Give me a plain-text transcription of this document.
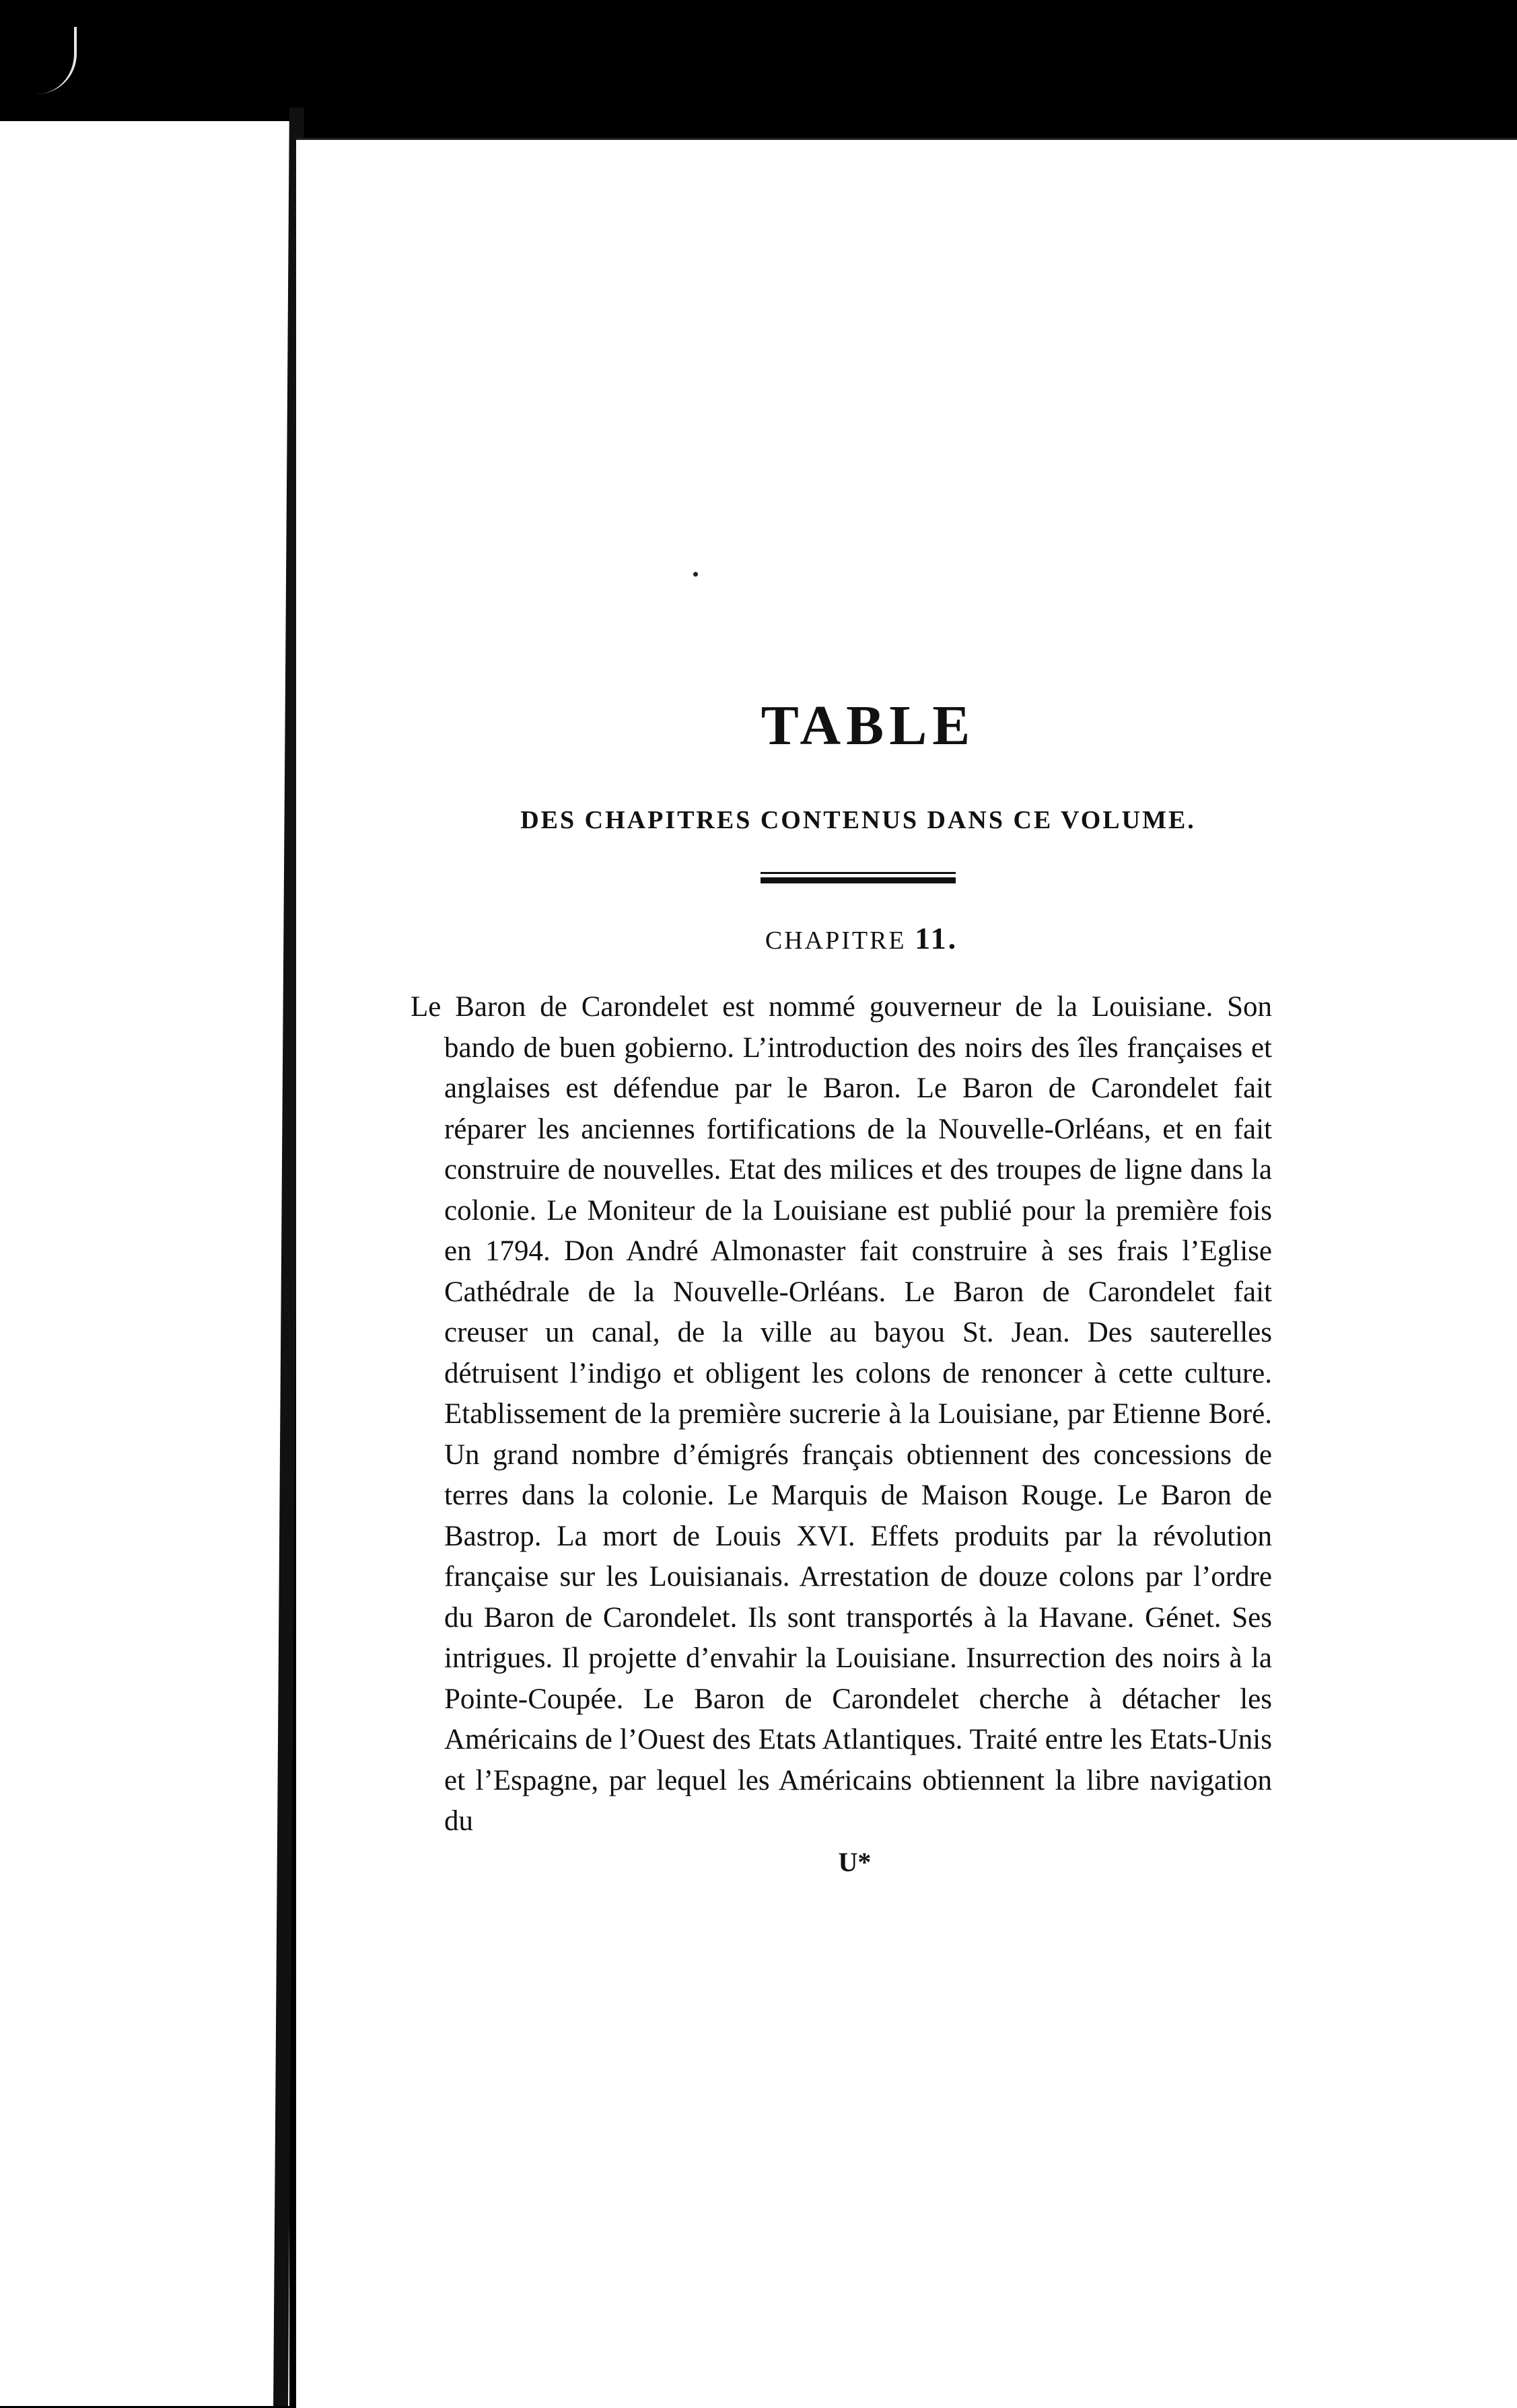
TABLE
DES CHAPITRES CONTENUS DANS CE VOLUME.
CHAPITRE 11.

Le Baron de Carondelet est nommé gouverneur de la Louisiane. Son bando de buen gobierno. L’introduction des noirs des îles françaises et anglaises est défendue par le Baron. Le Baron de Carondelet fait réparer les anciennes fortifications de la Nouvelle-Orléans, et en fait construire de nouvelles. Etat des milices et des troupes de ligne dans la colonie. Le Moniteur de la Louisiane est publié pour la première fois en 1794. Don André Almonaster fait construire à ses frais l’Eglise Cathédrale de la Nouvelle-Orléans. Le Baron de Carondelet fait creuser un canal, de la ville au bayou St. Jean. Des sauterelles détruisent l’indigo et obligent les colons de renoncer à cette culture. Etablissement de la première sucrerie à la Louisiane, par Etienne Boré. Un grand nombre d’émigrés français obtiennent des concessions de terres dans la colonie. Le Marquis de Maison Rouge. Le Baron de Bastrop. La mort de Louis XVI. Effets produits par la révolution française sur les Louisianais. Arrestation de douze colons par l’ordre du Baron de Carondelet. Ils sont transportés à la Havane. Génet. Ses intrigues. Il projette d’envahir la Louisiane. Insurrection des noirs à la Pointe-Coupée. Le Baron de Carondelet cherche à détacher les Américains de l’Ouest des Etats Atlantiques. Traité entre les Etats-Unis et l’Espagne, par lequel les Américains obtiennent la libre navigation du

U*
